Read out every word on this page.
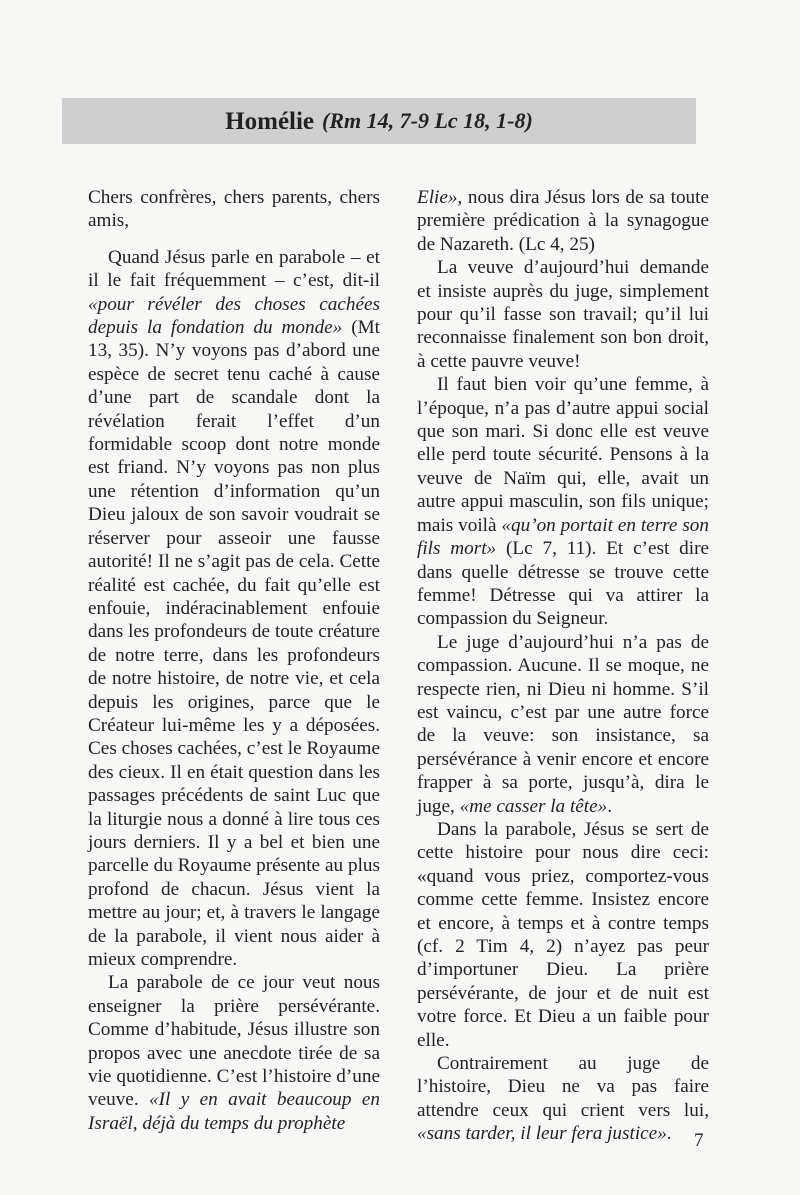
Homélie (Rm 14, 7-9 Lc 18, 1-8)

Chers confrères, chers parents, chers amis,

Quand Jésus parle en parabole – et il le fait fréquemment – c’est, dit-il «pour révéler des choses cachées depuis la fondation du monde» (Mt 13, 35). N’y voyons pas d’abord une espèce de secret tenu caché à cause d’une part de scandale dont la révélation ferait l’effet d’un formidable scoop dont notre monde est friand. N’y voyons pas non plus une rétention d’information qu’un Dieu jaloux de son savoir voudrait se réserver pour asseoir une fausse autorité! Il ne s’agit pas de cela. Cette réalité est cachée, du fait qu’elle est enfouie, indéracinablement enfouie dans les profondeurs de toute créature de notre terre, dans les profondeurs de notre histoire, de notre vie, et cela depuis les origines, parce que le Créateur lui-même les y a déposées. Ces choses cachées, c’est le Royaume des cieux. Il en était question dans les passages précédents de saint Luc que la liturgie nous a donné à lire tous ces jours derniers. Il y a bel et bien une parcelle du Royaume présente au plus profond de chacun. Jésus vient la mettre au jour; et, à travers le langage de la parabole, il vient nous aider à mieux comprendre.

La parabole de ce jour veut nous enseigner la prière persévérante. Comme d’habitude, Jésus illustre son propos avec une anecdote tirée de sa vie quotidienne. C’est l’histoire d’une veuve. «Il y en avait beaucoup en Israël, déjà du temps du prophète

Elie», nous dira Jésus lors de sa toute première prédication à la synagogue de Nazareth. (Lc 4, 25)

La veuve d’aujourd’hui demande et insiste auprès du juge, simplement pour qu’il fasse son travail; qu’il lui reconnaisse finalement son bon droit, à cette pauvre veuve!

Il faut bien voir qu’une femme, à l’époque, n’a pas d’autre appui social que son mari. Si donc elle est veuve elle perd toute sécurité. Pensons à la veuve de Naïm qui, elle, avait un autre appui masculin, son fils unique; mais voilà «qu’on portait en terre son fils mort» (Lc 7, 11). Et c’est dire dans quelle détresse se trouve cette femme! Détresse qui va attirer la compassion du Seigneur.

Le juge d’aujourd’hui n’a pas de compassion. Aucune. Il se moque, ne respecte rien, ni Dieu ni homme. S’il est vaincu, c’est par une autre force de la veuve: son insistance, sa persévérance à venir encore et encore frapper à sa porte, jusqu’à, dira le juge, «me casser la tête».

Dans la parabole, Jésus se sert de cette histoire pour nous dire ceci: «quand vous priez, comportez-vous comme cette femme. Insistez encore et encore, à temps et à contre temps (cf. 2 Tim 4, 2) n’ayez pas peur d’importuner Dieu. La prière persévérante, de jour et de nuit est votre force. Et Dieu a un faible pour elle.

Contrairement au juge de l’histoire, Dieu ne va pas faire attendre ceux qui crient vers lui, «sans tarder, il leur fera justice».	7
